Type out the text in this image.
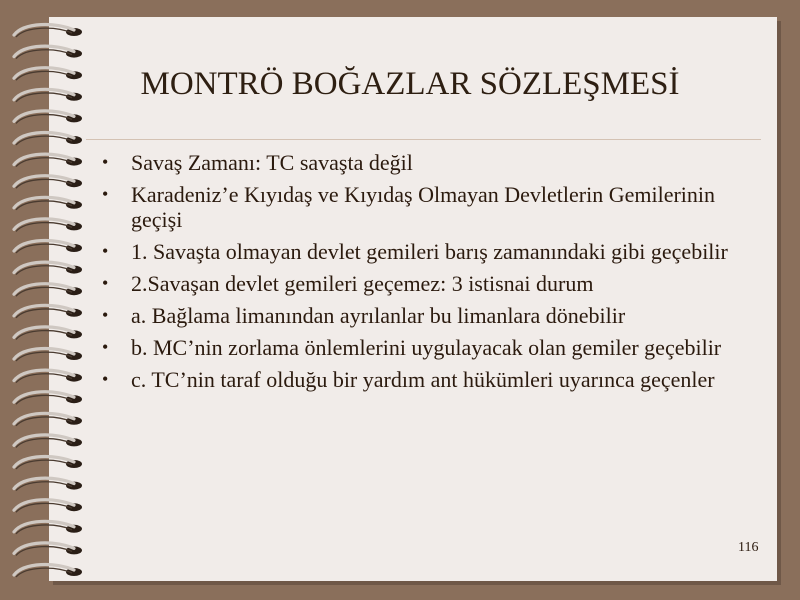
MONTRÖ BOĞAZLAR SÖZLEŞMESİ
• Savaş Zamanı: TC savaşta değil
• Karadeniz’e Kıyıdaş ve Kıyıdaş Olmayan Devletlerin Gemilerinin geçişi
• 1. Savaşta olmayan devlet gemileri barış zamanındaki gibi geçebilir
• 2.Savaşan devlet gemileri geçemez: 3 istisnai durum
• a. Bağlama limanından ayrılanlar bu limanlara dönebilir
• b. MC’nin zorlama önlemlerini uygulayacak olan gemiler geçebilir
• c. TC’nin taraf olduğu bir yardım ant hükümleri uyarınca geçenler
116
